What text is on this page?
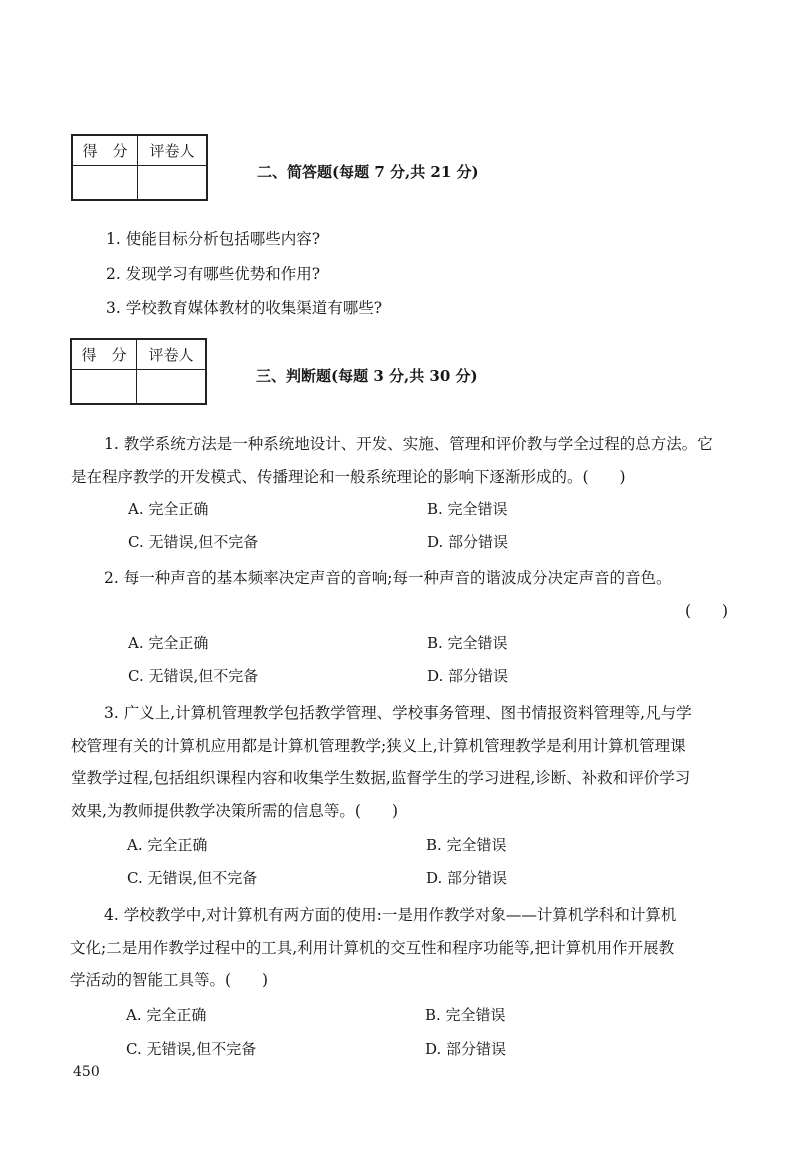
得　分	评卷人

二、简答题(每题 7 分,共 21 分)
1. 使能目标分析包括哪些内容?
2. 发现学习有哪些优势和作用?
3. 学校教育媒体教材的收集渠道有哪些?
得　分	评卷人

三、判断题(每题 3 分,共 30 分)
1. 教学系统方法是一种系统地设计、开发、实施、管理和评价教与学全过程的总方法。它
是在程序教学的开发模式、传播理论和一般系统理论的影响下逐渐形成的。(　　)
A. 完全正确	B. 完全错误
C. 无错误,但不完备	D. 部分错误
2. 每一种声音的基本频率决定声音的音响;每一种声音的谐波成分决定声音的音色。
(　　)
A. 完全正确	B. 完全错误
C. 无错误,但不完备	D. 部分错误
3. 广义上,计算机管理教学包括教学管理、学校事务管理、图书情报资料管理等,凡与学
校管理有关的计算机应用都是计算机管理教学;狭义上,计算机管理教学是利用计算机管理课
堂教学过程,包括组织课程内容和收集学生数据,监督学生的学习进程,诊断、补救和评价学习
效果,为教师提供教学决策所需的信息等。(　　)
A. 完全正确	B. 完全错误
C. 无错误,但不完备	D. 部分错误
4. 学校教学中,对计算机有两方面的使用:一是用作教学对象——计算机学科和计算机
文化;二是用作教学过程中的工具,利用计算机的交互性和程序功能等,把计算机用作开展教
学活动的智能工具等。(　　)
A. 完全正确	B. 完全错误
C. 无错误,但不完备	D. 部分错误
450
